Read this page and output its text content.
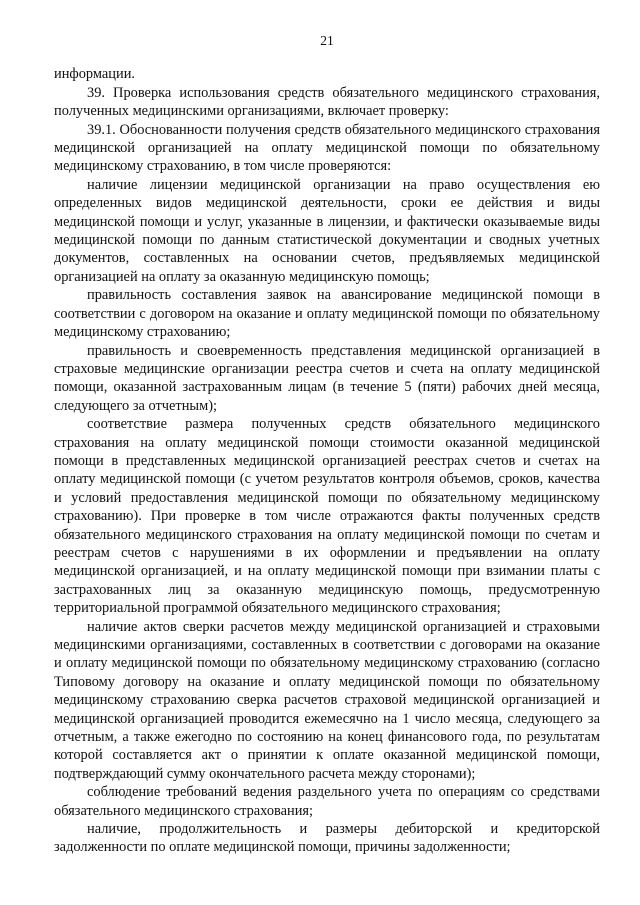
21

информации.

39. Проверка использования средств обязательного медицинского страхования, полученных медицинскими организациями, включает проверку:

39.1. Обоснованности получения средств обязательного медицинского страхования медицинской организацией на оплату медицинской помощи по обязательному медицинскому страхованию, в том числе проверяются:

наличие лицензии медицинской организации на право осуществления ею определенных видов медицинской деятельности, сроки ее действия и виды медицинской помощи и услуг, указанные в лицензии, и фактически оказываемые виды медицинской помощи по данным статистической документации и сводных учетных документов, составленных на основании счетов, предъявляемых медицинской организацией на оплату за оказанную медицинскую помощь;

правильность составления заявок на авансирование медицинской помощи в соответствии с договором на оказание и оплату медицинской помощи по обязательному медицинскому страхованию;

правильность и своевременность представления медицинской организацией в страховые медицинские организации реестра счетов и счета на оплату медицинской помощи, оказанной застрахованным лицам (в течение 5 (пяти) рабочих дней месяца, следующего за отчетным);

соответствие размера полученных средств обязательного медицинского страхования на оплату медицинской помощи стоимости оказанной медицинской помощи в представленных медицинской организацией реестрах счетов и счетах на оплату медицинской помощи (с учетом результатов контроля объемов, сроков, качества и условий предоставления медицинской помощи по обязательному медицинскому страхованию). При проверке в том числе отражаются факты полученных средств обязательного медицинского страхования на оплату медицинской помощи по счетам и реестрам счетов с нарушениями в их оформлении и предъявлении на оплату медицинской организацией, и на оплату медицинской помощи при взимании платы с застрахованных лиц за оказанную медицинскую помощь, предусмотренную территориальной программой обязательного медицинского страхования;

наличие актов сверки расчетов между медицинской организацией и страховыми медицинскими организациями, составленных в соответствии с договорами на оказание и оплату медицинской помощи по обязательному медицинскому страхованию (согласно Типовому договору на оказание и оплату медицинской помощи по обязательному медицинскому страхованию сверка расчетов страховой медицинской организацией и медицинской организацией проводится ежемесячно на 1 число месяца, следующего за отчетным, а также ежегодно по состоянию на конец финансового года, по результатам которой составляется акт о принятии к оплате оказанной медицинской помощи, подтверждающий сумму окончательного расчета между сторонами);

соблюдение требований ведения раздельного учета по операциям со средствами обязательного медицинского страхования;

наличие, продолжительность и размеры дебиторской и кредиторской задолженности по оплате медицинской помощи, причины задолженности;
